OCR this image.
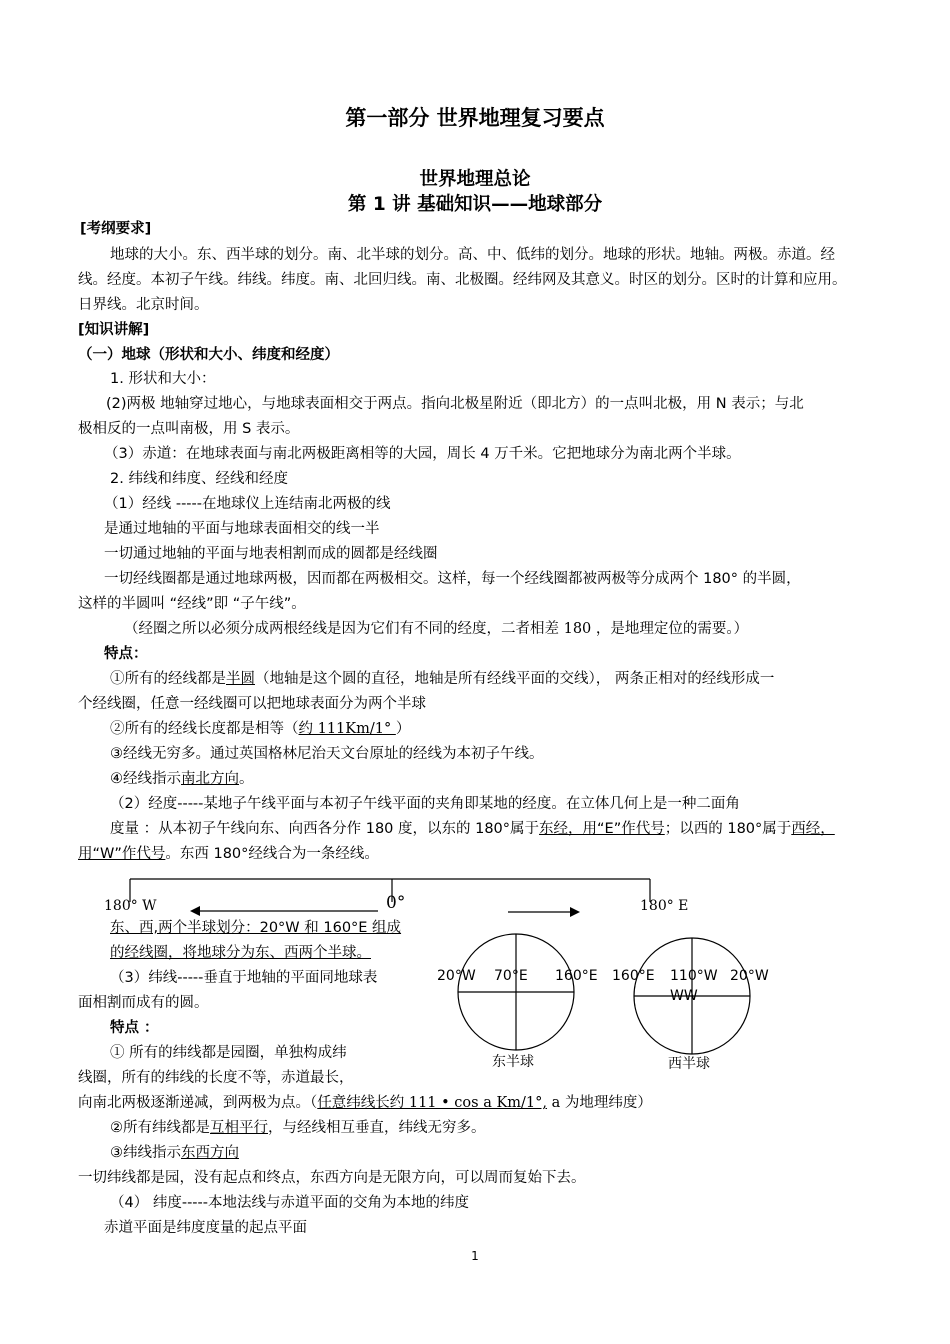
第一部分 世界地理复习要点
世界地理总论
第 1 讲 基础知识——地球部分
[考纲要求]
地球的大小。东、西半球的划分。南、北半球的划分。高、中、低纬的划分。地球的形状。地轴。两极。赤道。经
线。经度。本初子午线。纬线。纬度。南、北回归线。南、北极圈。经纬网及其意义。时区的划分。区时的计算和应用。
日界线。北京时间。
[知识讲解]
（一）地球（形状和大小、纬度和经度）
1. 形状和大小：
(2)两极 地轴穿过地心，与地球表面相交于两点。指向北极星附近（即北方）的一点叫北极，用 N 表示；与北
极相反的一点叫南极，用 S 表示。
（3）赤道：在地球表面与南北两极距离相等的大园，周长 4 万千米。它把地球分为南北两个半球。
2. 纬线和纬度、经线和经度
（1）经线 -----在地球仪上连结南北两极的线
是通过地轴的平面与地球表面相交的线一半
一切通过地轴的平面与地表相割而成的圆都是经线圈
一切经线圈都是通过地球两极，因而都在两极相交。这样，每一个经线圈都被两极等分成两个 180° 的半圆，
这样的半圆叫 “经线”即 “子午线”。
（经圈之所以必须分成两根经线是因为它们有不同的经度，二者相差 180 ，是地理定位的需要。）
特点：
①所有的经线都是半圆（地轴是这个圆的直径，地轴是所有经线平面的交线）， 两条正相对的经线形成一
个经线圈，任意一经线圈可以把地球表面分为两个半球
②所有的经线长度都是相等（约 111Km/1° ）
③经线无穷多。通过英国格林尼治天文台原址的经线为本初子午线。
④经线指示南北方向。
（2）经度-----某地子午线平面与本初子午线平面的夹角即某地的经度。在立体几何上是一种二面角
度量 ：从本初子午线向东、向西各分作 180 度，以东的 180°属于东经，用“E”作代号；以西的 180°属于西经，
用“W”作代号。东西 180°经线合为一条经线。
180° W	0°	180° E
20°W 70°E 160°E
东半球
160°E 110°W
WW
20°W
西半球
东、西,两个半球划分：20°W 和 160°E 组成
的经线圈，将地球分为东、西两个半球。
（3）纬线-----垂直于地轴的平面同地球表
面相割而成有的圆。
特点 ：
① 所有的纬线都是园圈，单独构成纬
线圈，所有的纬线的长度不等，赤道最长，
向南北两极逐渐递减，到两极为点。（任意纬线长约 111 • cos a Km/1°, a 为地理纬度）
②所有纬线都是互相平行，与经线相互垂直，纬线无穷多。
③纬线指示东西方向
一切纬线都是园，没有起点和终点，东西方向是无限方向，可以周而复始下去。
（4） 纬度-----本地法线与赤道平面的交角为本地的纬度
赤道平面是纬度度量的起点平面
1
